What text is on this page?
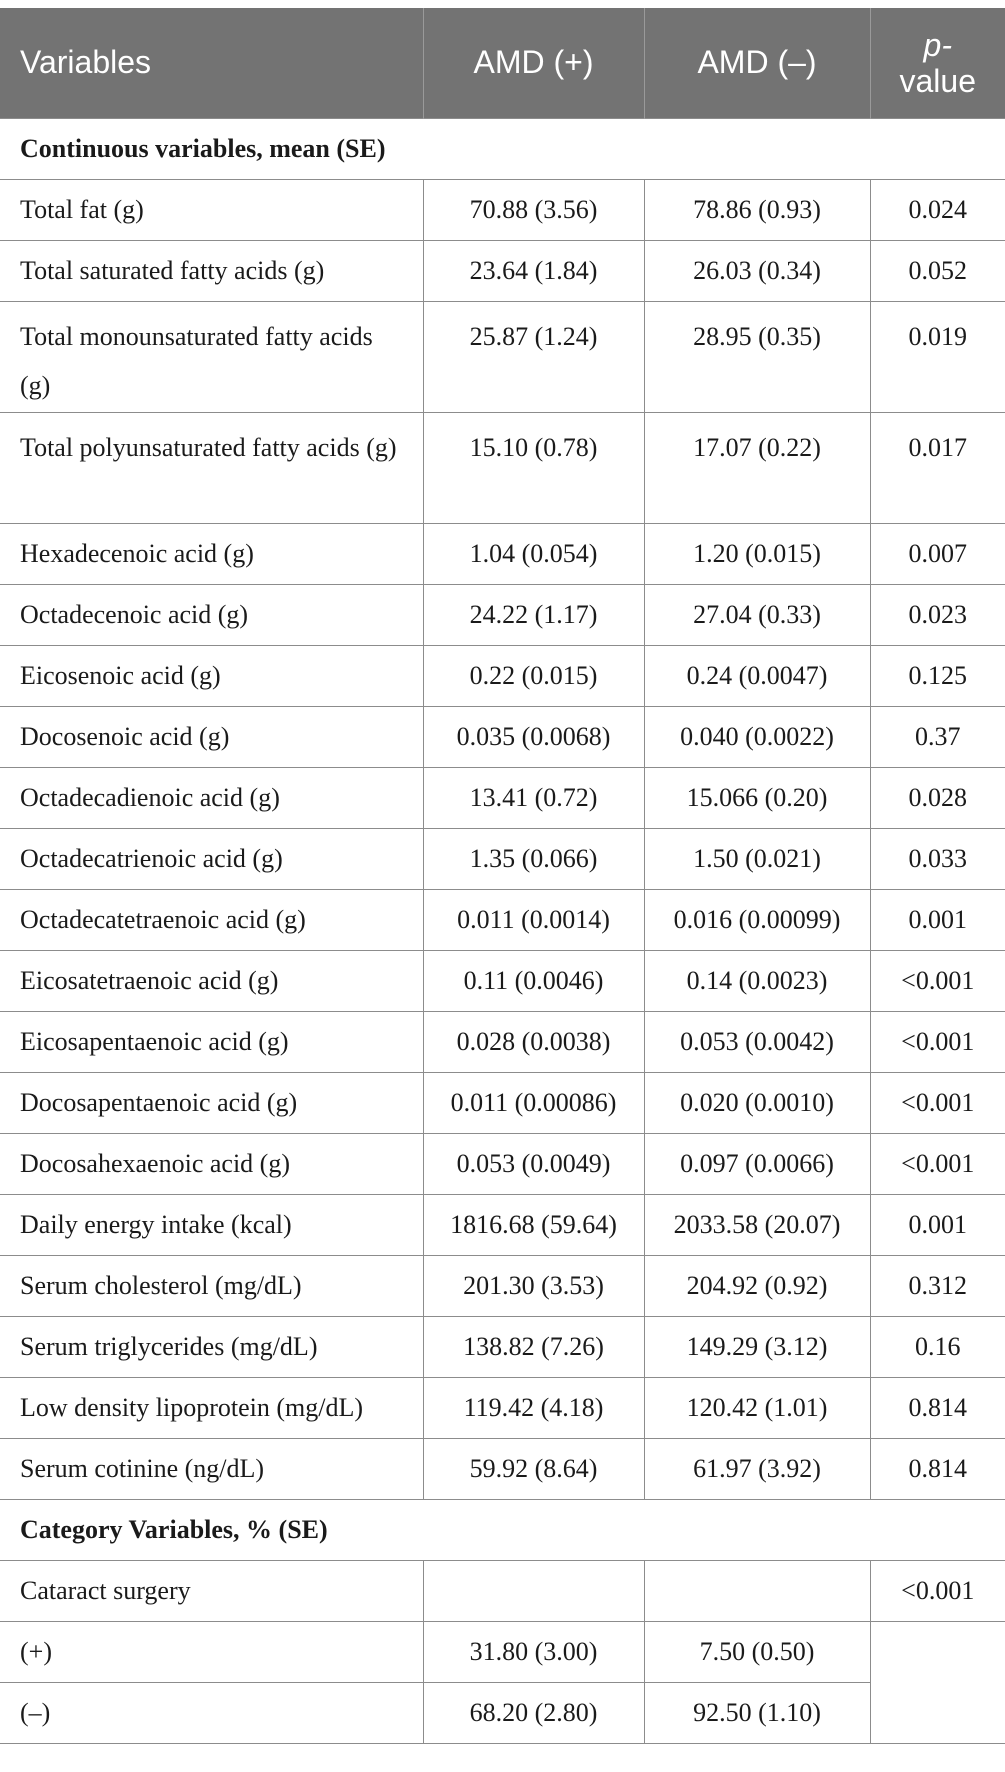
Variables	AMD (+)	AMD (–)	p-
value

Continuous variables, mean (SE)			
Total fat (g)	70.88 (3.56)	78.86 (0.93)	0.024
Total saturated fatty acids (g)	23.64 (1.84)	26.03 (0.34)	0.052
Total monounsaturated fatty acids (g)	25.87 (1.24)	28.95 (0.35)	0.019
Total polyunsaturated fatty acids (g)	15.10 (0.78)	17.07 (0.22)	0.017
Hexadecenoic acid (g)	1.04 (0.054)	1.20 (0.015)	0.007
Octadecenoic acid (g)	24.22 (1.17)	27.04 (0.33)	0.023
Eicosenoic acid (g)	0.22 (0.015)	0.24 (0.0047)	0.125
Docosenoic acid (g)	0.035 (0.0068)	0.040 (0.0022)	0.37
Octadecadienoic acid (g)	13.41 (0.72)	15.066 (0.20)	0.028
Octadecatrienoic acid (g)	1.35 (0.066)	1.50 (0.021)	0.033
Octadecatetraenoic acid (g)	0.011 (0.0014)	0.016 (0.00099)	0.001
Eicosatetraenoic acid (g)	0.11 (0.0046)	0.14 (0.0023)	<0.001
Eicosapentaenoic acid (g)	0.028 (0.0038)	0.053 (0.0042)	<0.001
Docosapentaenoic acid (g)	0.011 (0.00086)	0.020 (0.0010)	<0.001
Docosahexaenoic acid (g)	0.053 (0.0049)	0.097 (0.0066)	<0.001
Daily energy intake (kcal)	1816.68 (59.64)	2033.58 (20.07)	0.001
Serum cholesterol (mg/dL)	201.30 (3.53)	204.92 (0.92)	0.312
Serum triglycerides (mg/dL)	138.82 (7.26)	149.29 (3.12)	0.16
Low density lipoprotein (mg/dL)	119.42 (4.18)	120.42 (1.01)	0.814
Serum cotinine (ng/dL)	59.92 (8.64)	61.97 (3.92)	0.814
Category Variables, % (SE)			
Cataract surgery			<0.001
(+)	31.80 (3.00)	7.50 (0.50)	
(–)	68.20 (2.80)	92.50 (1.10)	
